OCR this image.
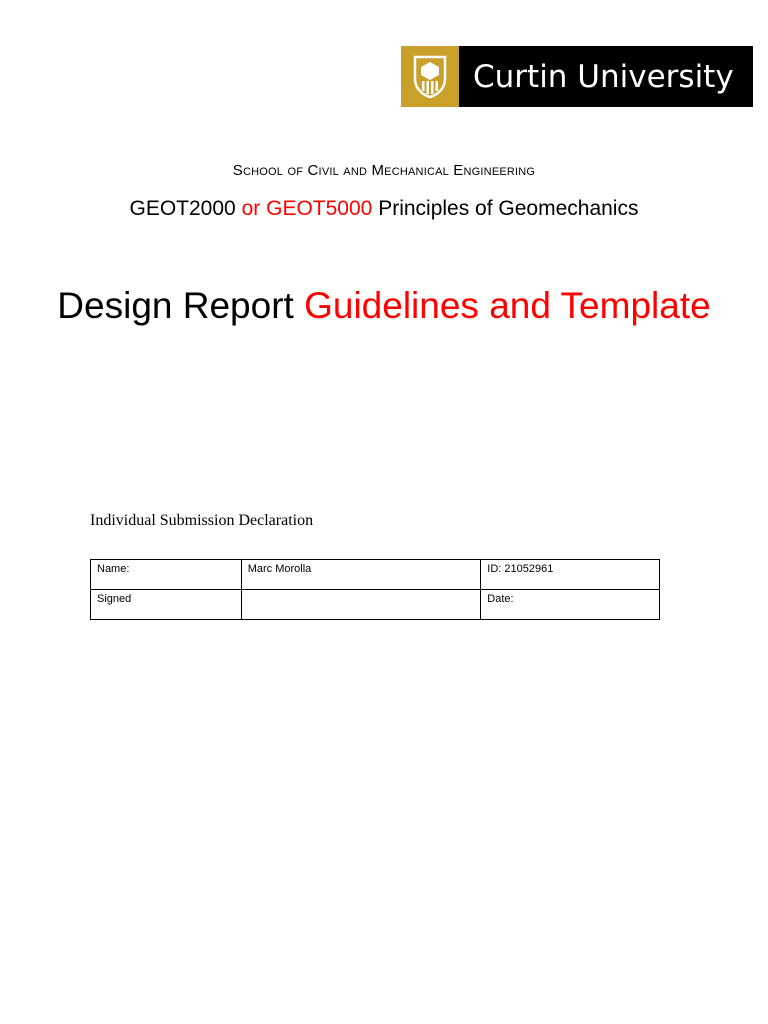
Curtin University
School of Civil and Mechanical Engineering
GEOT2000 or GEOT5000 Principles of Geomechanics
Design Report Guidelines and Template
Individual Submission Declaration
Name:	Marc Morolla	ID: 21052961
Signed		Date:
